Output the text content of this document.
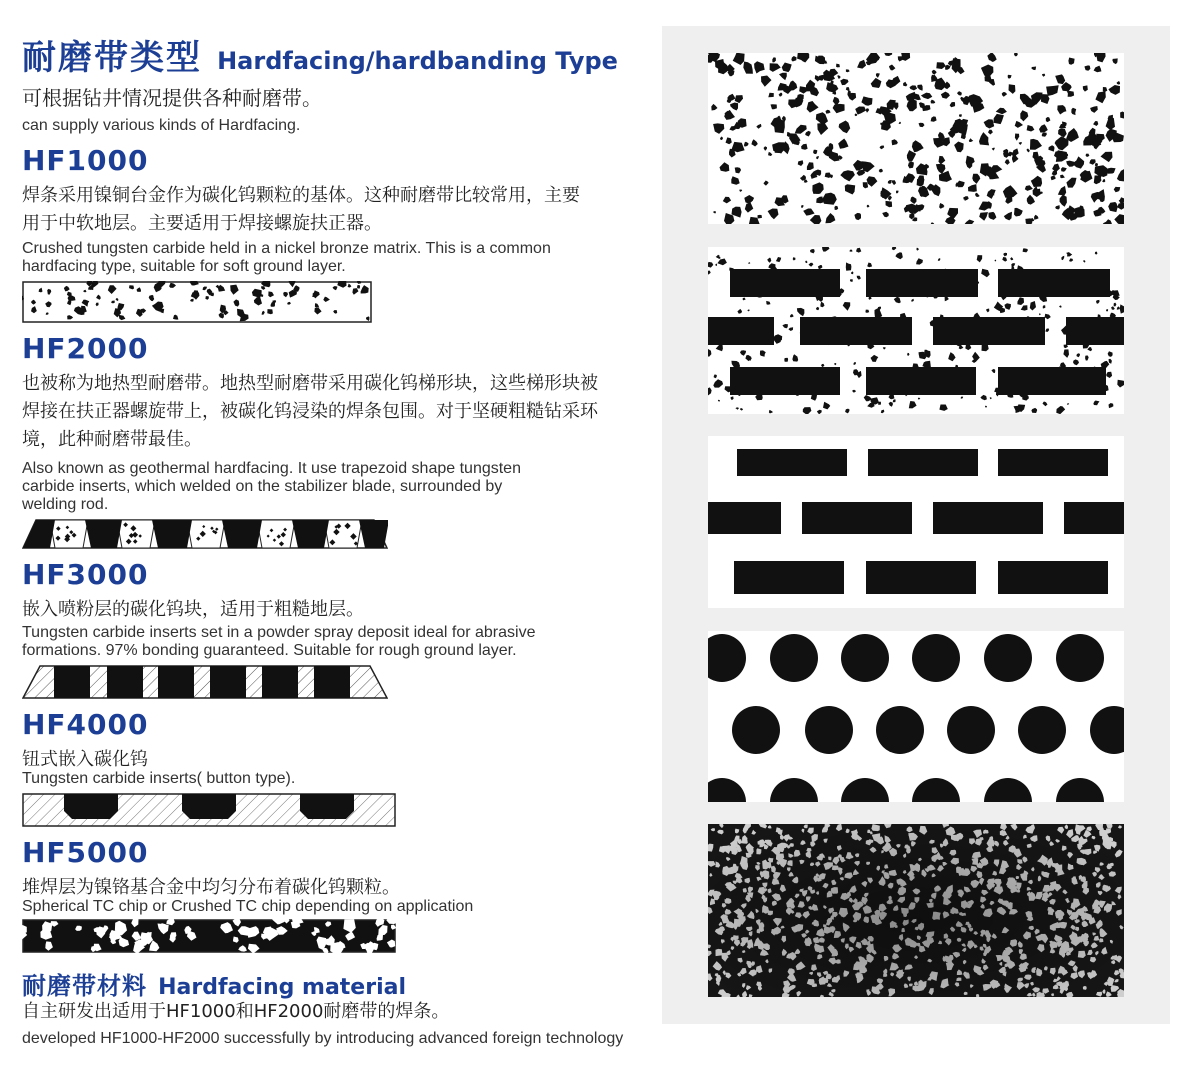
耐磨带类型 Hardfacing/hardbanding Type
可根据钻井情况提供各种耐磨带。
can supply various kinds of Hardfacing.
HF1000
焊条采用镍铜台金作为碳化钨颗粒的基体。这种耐磨带比较常用，主要
用于中软地层。主要适用于焊接螺旋扶正器。
Crushed tungsten carbide held in a nickel bronze matrix. This is a common
hardfacing type, suitable for soft ground layer.
HF2000
也被称为地热型耐磨带。地热型耐磨带采用碳化钨梯形块，这些梯形块被
焊接在扶正器螺旋带上，被碳化钨浸染的焊条包围。对于坚硬粗糙钻采环
境，此种耐磨带最佳。
Also known as geothermal hardfacing. It use trapezoid shape tungsten
carbide inserts, which welded on the stabilizer blade, surrounded by
welding rod.
HF3000
嵌入喷粉层的碳化钨块，适用于粗糙地层。
Tungsten carbide inserts set in a powder spray deposit ideal for abrasive
formations. 97% bonding guaranteed. Suitable for rough ground layer.
HF4000
钮式嵌入碳化钨
Tungsten carbide inserts( button type).
HF5000
堆焊层为镍铬基合金中均匀分布着碳化钨颗粒。
Spherical TC chip or Crushed TC chip depending on application
耐磨带材料 Hardfacing material
自主研发出适用于HF1000和HF2000耐磨带的焊条。
developed HF1000-HF2000 successfully by introducing advanced foreign technology
